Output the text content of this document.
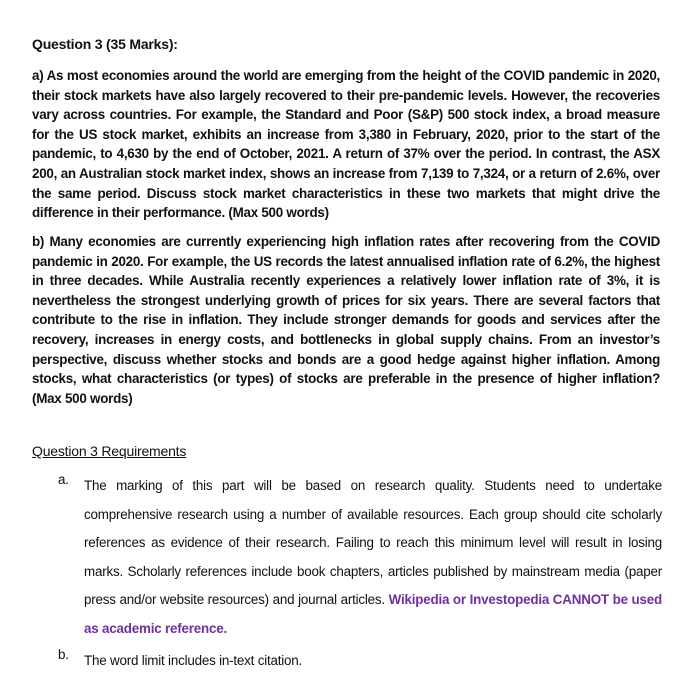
Question 3 (35 Marks):
a) As most economies around the world are emerging from the height of the COVID pandemic in 2020, their stock markets have also largely recovered to their pre-pandemic levels. However, the recoveries vary across countries. For example, the Standard and Poor (S&P) 500 stock index, a broad measure for the US stock market, exhibits an increase from 3,380 in February, 2020, prior to the start of the pandemic, to 4,630 by the end of October, 2021. A return of 37% over the period. In contrast, the ASX 200, an Australian stock market index, shows an increase from 7,139 to 7,324, or a return of 2.6%, over the same period. Discuss stock market characteristics in these two markets that might drive the difference in their performance. (Max 500 words)
b) Many economies are currently experiencing high inflation rates after recovering from the COVID pandemic in 2020. For example, the US records the latest annualised inflation rate of 6.2%, the highest in three decades. While Australia recently experiences a relatively lower inflation rate of 3%, it is nevertheless the strongest underlying growth of prices for six years. There are several factors that contribute to the rise in inflation. They include stronger demands for goods and services after the recovery, increases in energy costs, and bottlenecks in global supply chains. From an investor’s perspective, discuss whether stocks and bonds are a good hedge against higher inflation. Among stocks, what characteristics (or types) of stocks are preferable in the presence of higher inflation? (Max 500 words)
Question 3 Requirements
a.	The marking of this part will be based on research quality. Students need to undertake comprehensive research using a number of available resources. Each group should cite scholarly references as evidence of their research. Failing to reach this minimum level will result in losing marks. Scholarly references include book chapters, articles published by mainstream media (paper press and/or website resources) and journal articles. Wikipedia or Investopedia CANNOT be used as academic reference.
b.	The word limit includes in-text citation.
